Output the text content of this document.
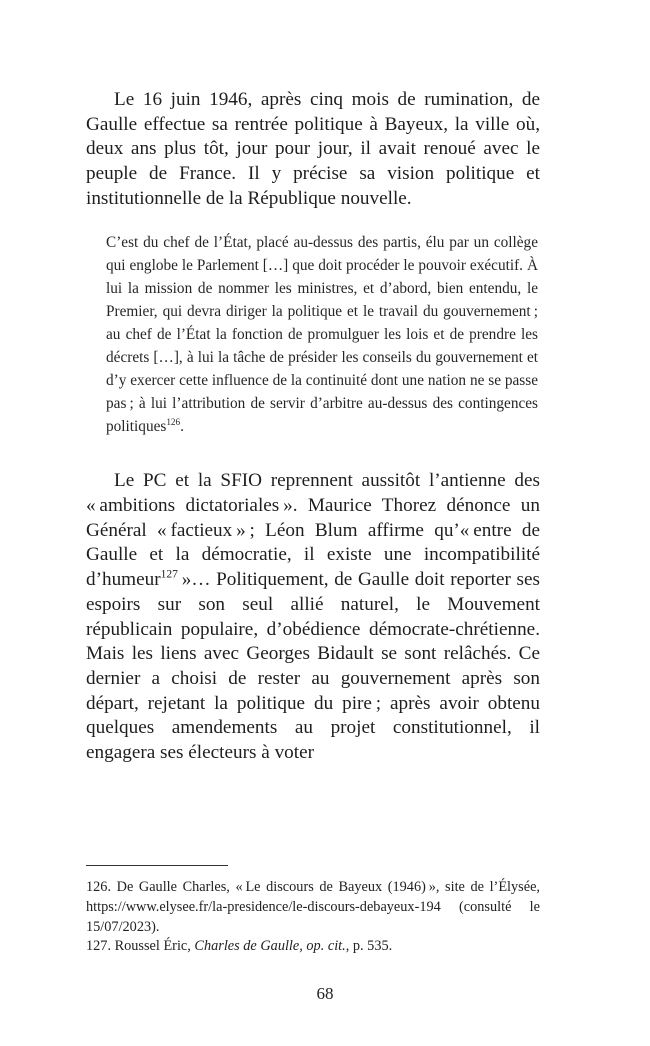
Le 16 juin 1946, après cinq mois de rumination, de Gaulle effectue sa rentrée politique à Bayeux, la ville où, deux ans plus tôt, jour pour jour, il avait renoué avec le peuple de France. Il y précise sa vision politique et institutionnelle de la République nouvelle.

C’est du chef de l’État, placé au-dessus des partis, élu par un collège qui englobe le Parlement […] que doit procéder le pouvoir exécutif. À lui la mission de nommer les ministres, et d’abord, bien entendu, le Premier, qui devra diriger la politique et le travail du gouvernement ; au chef de l’État la fonction de promulguer les lois et de prendre les décrets […], à lui la tâche de présider les conseils du gouvernement et d’y exercer cette influence de la continuité dont une nation ne se passe pas ; à lui l’attribution de servir d’arbitre au-dessus des contingences politiques$^{126}$.

Le PC et la SFIO reprennent aussitôt l’antienne des « ambitions dictatoriales ». Maurice Thorez dénonce un Général « factieux » ; Léon Blum affirme qu’« entre de Gaulle et la démocratie, il existe une incompatibilité d’humeur$^{127}$ »… Politiquement, de Gaulle doit reporter ses espoirs sur son seul allié naturel, le Mouvement républicain populaire, d’obédience démocrate-chrétienne. Mais les liens avec Georges Bidault se sont relâchés. Ce dernier a choisi de rester au gouvernement après son départ, rejetant la politique du pire ; après avoir obtenu quelques amendements au projet constitutionnel, il engagera ses électeurs à voter

126. De Gaulle Charles, « Le discours de Bayeux (1946) », site de l’Élysée, https://www.elysee.fr/la-presidence/le-discours-debayeux-194 (consulté le 15/07/2023).

127. Roussel Éric, Charles de Gaulle, op. cit., p. 535.

68
